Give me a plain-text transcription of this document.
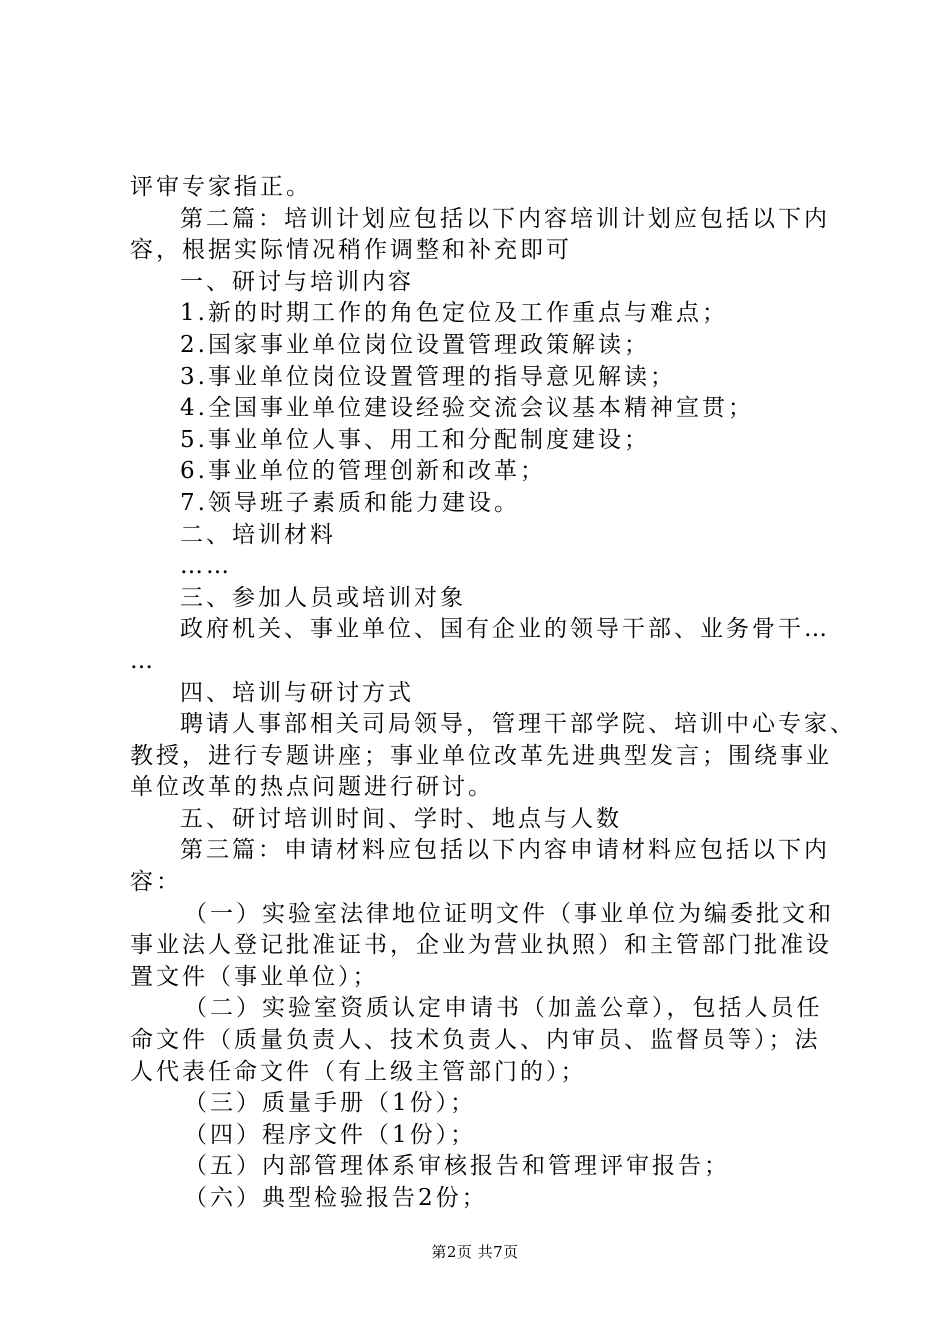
评审专家指正。
第二篇：培训计划应包括以下内容培训计划应包括以下内
容，根据实际情况稍作调整和补充即可
一、研讨与培训内容
1.新的时期工作的角色定位及工作重点与难点；
2.国家事业单位岗位设置管理政策解读；
3.事业单位岗位设置管理的指导意见解读；
4.全国事业单位建设经验交流会议基本精神宣贯；
5.事业单位人事、用工和分配制度建设；
6.事业单位的管理创新和改革；
7.领导班子素质和能力建设。
二、培训材料
……
三、参加人员或培训对象
政府机关、事业单位、国有企业的领导干部、业务骨干…
…
四、培训与研讨方式
聘请人事部相关司局领导，管理干部学院、培训中心专家、
教授，进行专题讲座；事业单位改革先进典型发言；围绕事业
单位改革的热点问题进行研讨。
五、研讨培训时间、学时、地点与人数
第三篇：申请材料应包括以下内容申请材料应包括以下内
容：
（一）实验室法律地位证明文件（事业单位为编委批文和
事业法人登记批准证书，企业为营业执照）和主管部门批准设
置文件（事业单位）；
（二）实验室资质认定申请书（加盖公章），包括人员任
命文件（质量负责人、技术负责人、内审员、监督员等）；法
人代表任命文件（有上级主管部门的）；
（三）质量手册（1份）；
（四）程序文件（1份）；
（五）内部管理体系审核报告和管理评审报告；
（六）典型检验报告2份；
第2页 共7页
